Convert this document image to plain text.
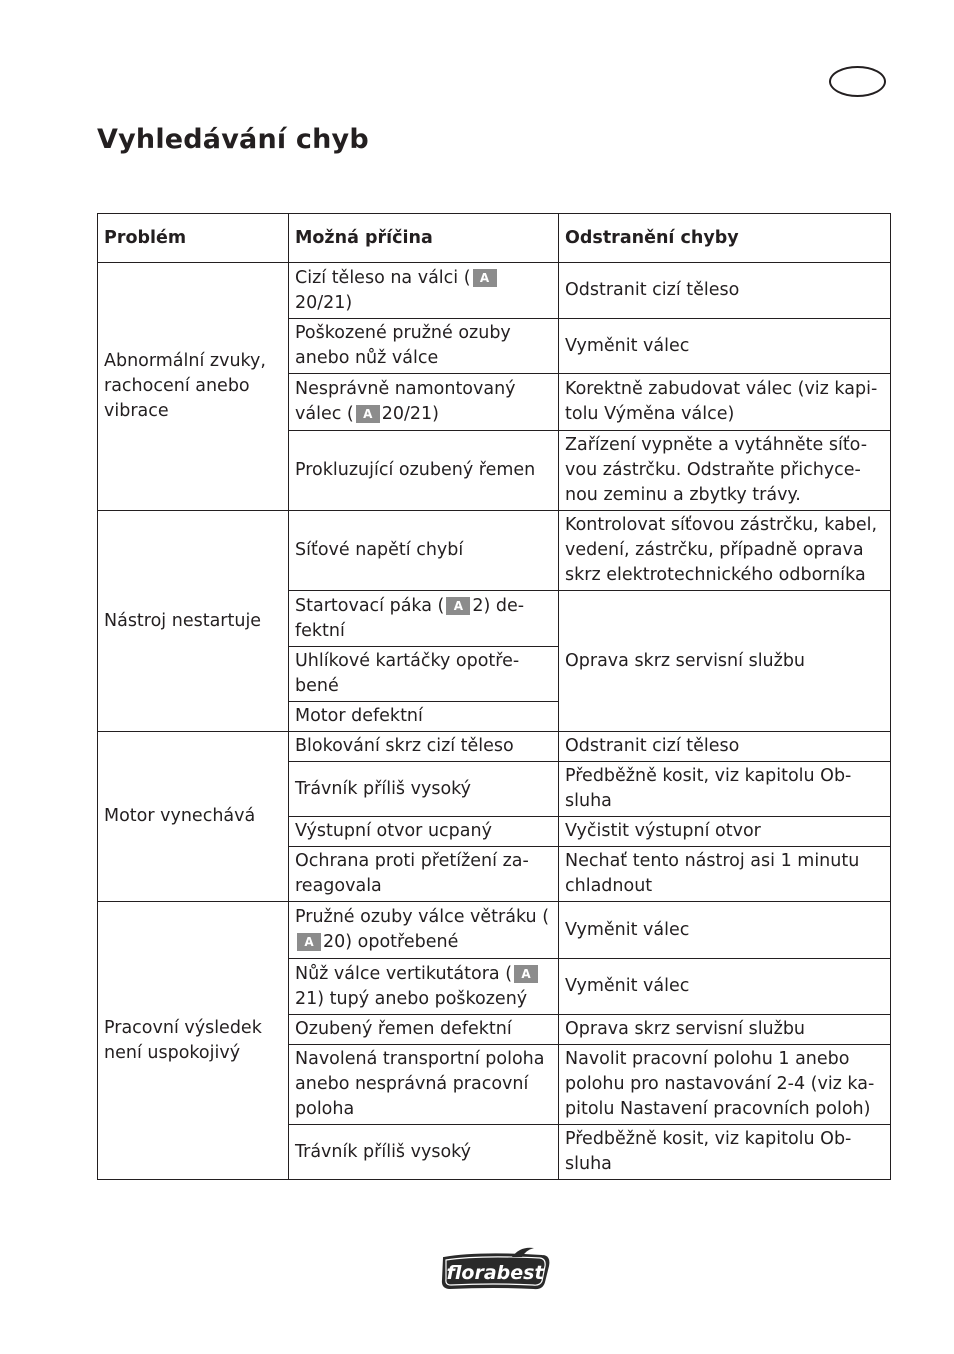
Vyhledávání chyb
Problém	Možná příčina	Odstranění chyby
Abnormální zvuky, rachocení anebo vibrace	Cizí těleso na válci ( A20/21)	Odstranit cizí těleso
	Poškozené pružné ozuby anebo nůž válce	Vyměnit válec
	Nesprávně namontovaný válec ( A 20/21)	Korektně zabudovat válec (viz kapi-tolu Výměna válce)
	Prokluzující ozubený řemen	Zařízení vypněte a vytáhněte síťo-vou zástrčku. Odstraňte přichyce-nou zeminu a zbytky trávy.
Nástroj nestartuje	Síťové napětí chybí	Kontrolovat síťovou zástrčku, kabel, vedení, zástrčku, případně oprava skrz elektrotechnického odborníka
	Startovací páka ( A 2) de-fektní	Oprava skrz servisní službu
	Uhlíkové kartáčky opotře-bené	
	Motor defektní	
Motor vynechává	Blokování skrz cizí těleso	Odstranit cizí těleso
	Trávník příliš vysoký	Předběžně kosit, viz kapitolu Ob-sluha
	Výstupní otvor ucpaný	Vyčistit výstupní otvor
	Ochrana proti přetížení za-reagovala	Nechať tento nástroj asi 1 minutu chladnout
Pracovní výsledek není uspokojivý	Pružné ozuby válce větráku (A 20) opotřebené	Vyměnit válec
	Nůž válce vertikutátora ( A21) tupý anebo poškozený	Vyměnit válec
	Ozubený řemen defektní	Oprava skrz servisní službu
	Navolená transportní poloha anebo nesprávná pracovní poloha	Navolit pracovní polohu 1 anebo polohu pro nastavování 2-4 (viz ka-pitolu Nastavení pracovních poloh)
	Trávník příliš vysoký	Předběžně kosit, viz kapitolu Ob-sluha
florabest
